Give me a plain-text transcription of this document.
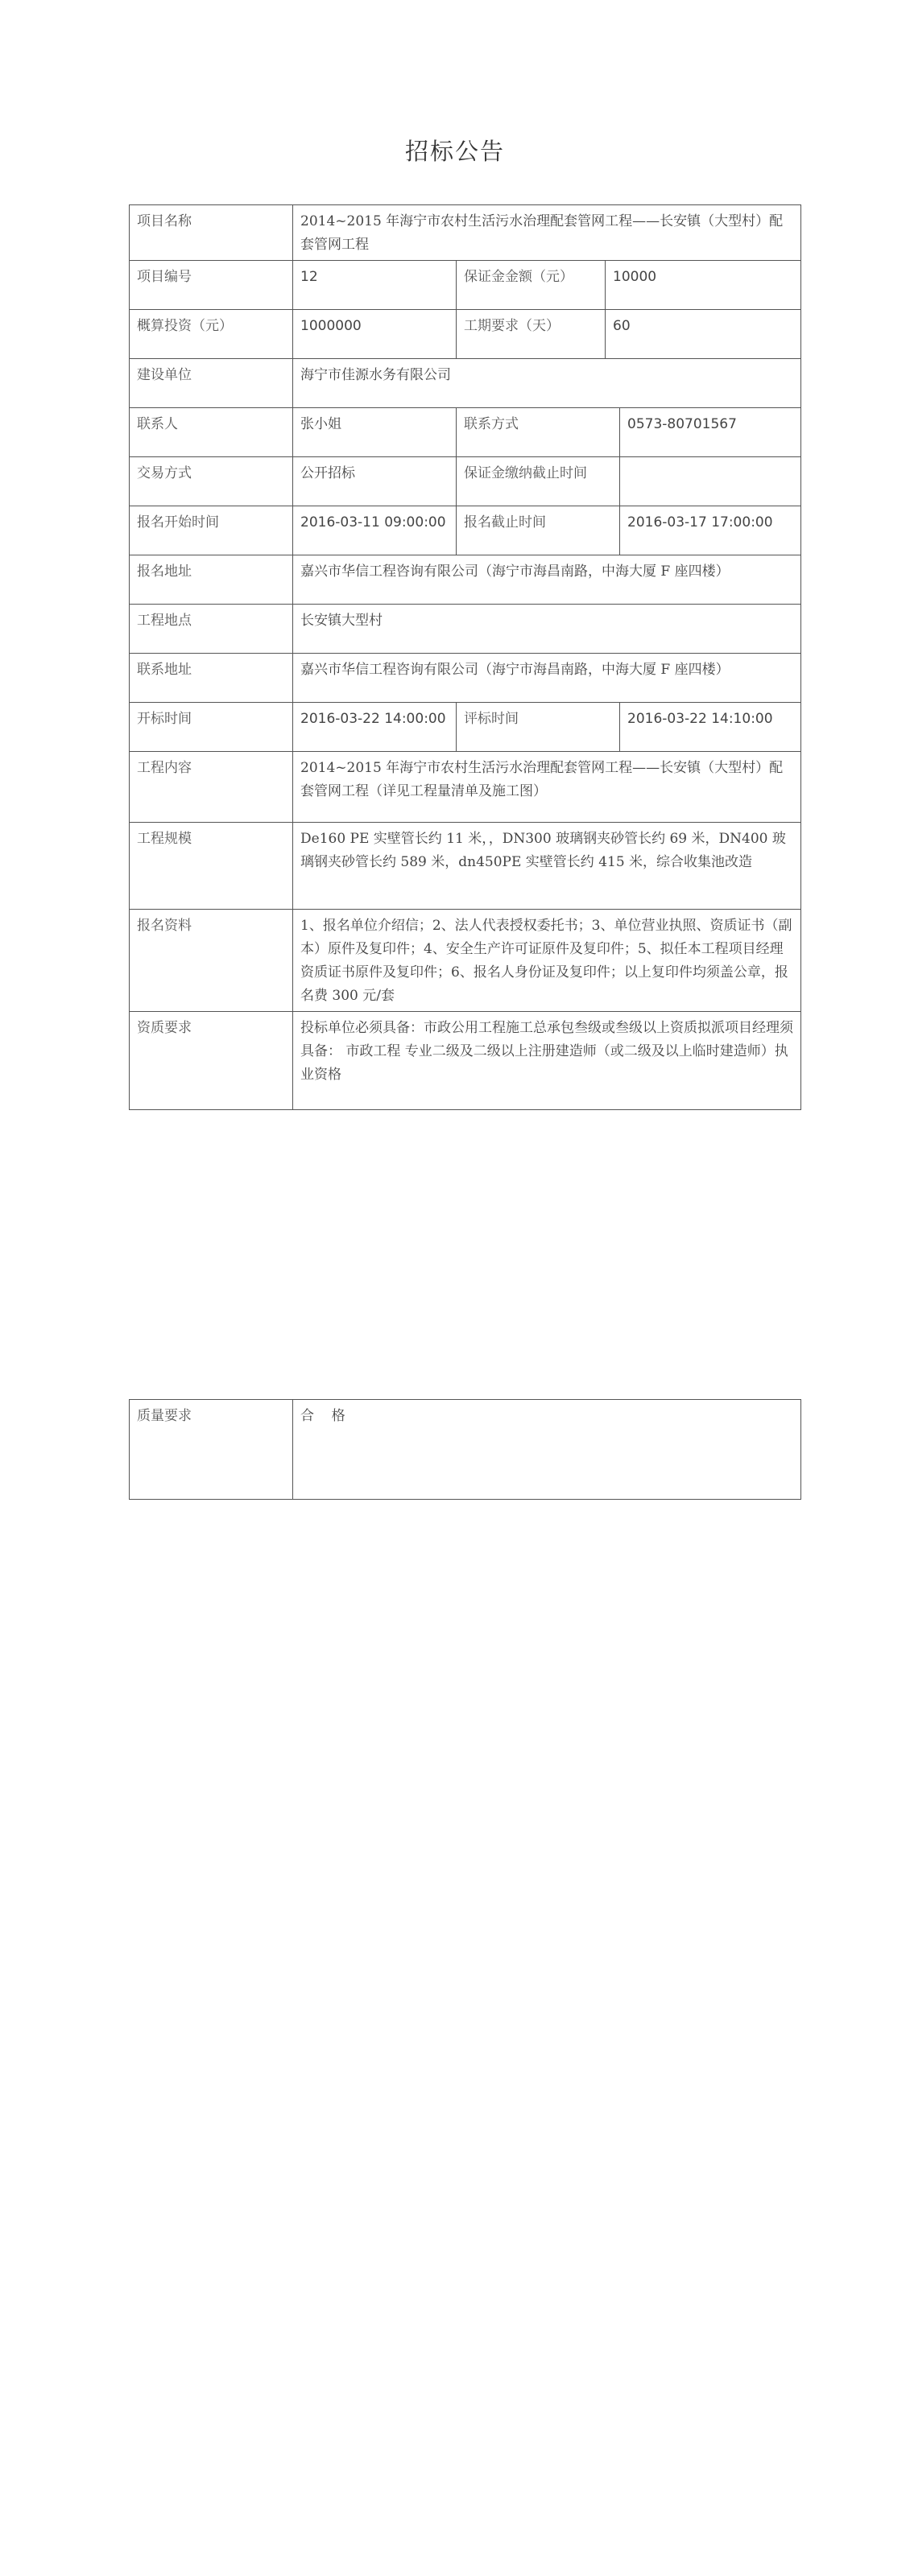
招标公告
项目名称	2014~2015 年海宁市农村生活污水治理配套管网工程——长安镇（大型村）配套管网工程			
项目编号	12	保证金金额（元）	10000	
概算投资（元）	1000000	工期要求（天）	60	
建设单位	海宁市佳源水务有限公司			
联系人	张小姐	联系方式		0573-80701567
交易方式	公开招标	保证金缴纳截止时间		
报名开始时间	2016-03-11 09:00:00	报名截止时间		2016-03-17 17:00:00
报名地址	嘉兴市华信工程咨询有限公司（海宁市海昌南路，中海大厦 F 座四楼）			
工程地点	长安镇大型村			
联系地址	嘉兴市华信工程咨询有限公司（海宁市海昌南路，中海大厦 F 座四楼）			
开标时间	2016-03-22 14:00:00	评标时间		2016-03-22 14:10:00
工程内容	2014~2015 年海宁市农村生活污水治理配套管网工程——长安镇（大型村）配套管网工程（详见工程量清单及施工图）			
工程规模	De160 PE 实壁管长约 11 米，，DN300 玻璃钢夹砂管长约 69 米，DN400 玻璃钢夹砂管长约 589 米，dn450PE 实壁管长约 415 米，综合收集池改造			
报名资料	1、报名单位介绍信；2、法人代表授权委托书；3、单位营业执照、资质证书（副本）原件及复印件；4、安全生产许可证原件及复印件；5、拟任本工程项目经理资质证书原件及复印件；6、报名人身份证及复印件；以上复印件均须盖公章，报名费 300 元/套			
资质要求	投标单位必须具备：市政公用工程施工总承包叁级或叁级以上资质拟派项目经理须具备： 市政工程 专业二级及二级以上注册建造师（或二级及以上临时建造师）执业资格			
质量要求	合    格
